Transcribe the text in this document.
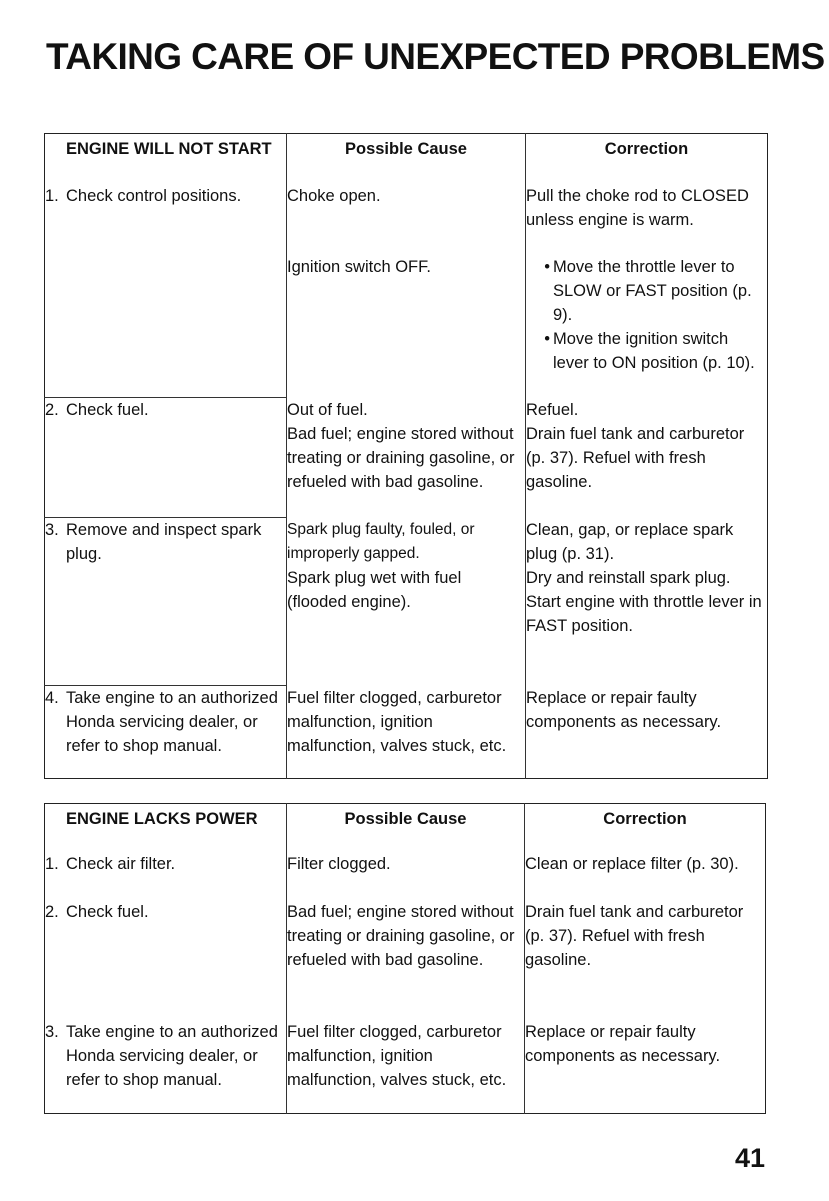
TAKING CARE OF UNEXPECTED PROBLEMS
ENGINE WILL NOT START	Possible Cause	Correction

1. Check control positions.	Choke open.	Pull the choke rod to CLOSED unless engine is warm.
	Ignition switch OFF.	• Move the throttle lever to SLOW or FAST position (p. 9).
• Move the ignition switch lever to ON position (p. 10).

2. Check fuel.	Out of fuel.	Refuel.
	Bad fuel; engine stored without treating or draining gasoline, or refueled with bad gasoline.	Drain fuel tank and carburetor (p. 37). Refuel with fresh gasoline.

3. Remove and inspect spark plug.	Spark plug faulty, fouled, or improperly gapped.	Clean, gap, or replace spark plug (p. 31).
	Spark plug wet with fuel (flooded engine).	Dry and reinstall spark plug.
Start engine with throttle lever in FAST position.

4. Take engine to an authorized Honda servicing dealer, or refer to shop manual.	Fuel filter clogged, carburetor malfunction, ignition malfunction, valves stuck, etc.	Replace or repair faulty components as necessary.
ENGINE LACKS POWER	Possible Cause	Correction

1. Check air filter.	Filter clogged.	Clean or replace filter (p. 30).

2. Check fuel.	Bad fuel; engine stored without treating or draining gasoline, or refueled with bad gasoline.	Drain fuel tank and carburetor (p. 37). Refuel with fresh gasoline.

3. Take engine to an authorized Honda servicing dealer, or refer to shop manual.	Fuel filter clogged, carburetor malfunction, ignition malfunction, valves stuck, etc.	Replace or repair faulty components as necessary.
41
